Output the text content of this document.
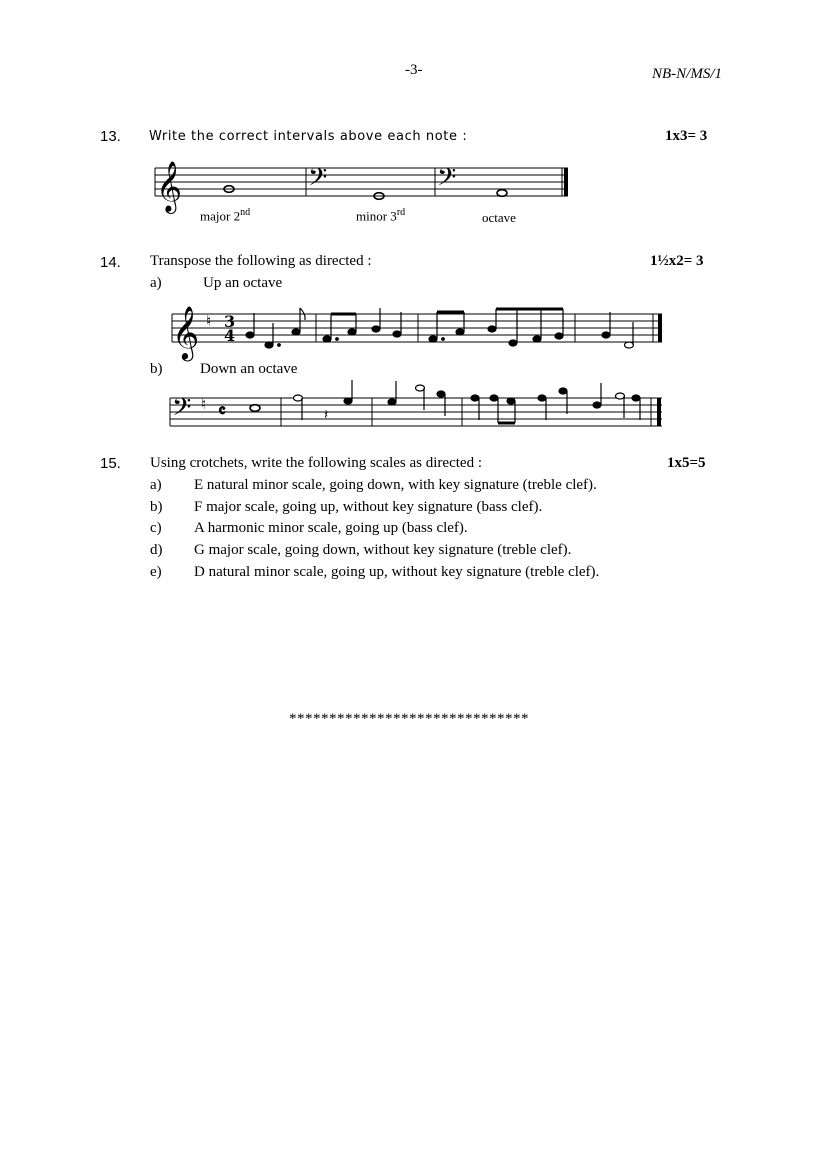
-3-	NB-N/MS/1
13. Write the correct intervals above each note :	1x3= 3
𝄞	𝄢	𝄢
major 2nd	minor 3rd	octave
14. Transpose the following as directed :	1½x2= 3
a)	Up an octave
𝄞 ♮ 3
4
b)	Down an octave
𝄢 ♮ 𝄴	𝄽
15. Using crotchets, write the following scales as directed :	1x5=5
a) E natural minor scale, going down, with key signature (treble clef).
b) F major scale, going up, without key signature (bass clef).
c) A harmonic minor scale, going up (bass clef).
d) G major scale, going down, without key signature (treble clef).
e) D natural minor scale, going up, without key signature (treble clef).
******************************
